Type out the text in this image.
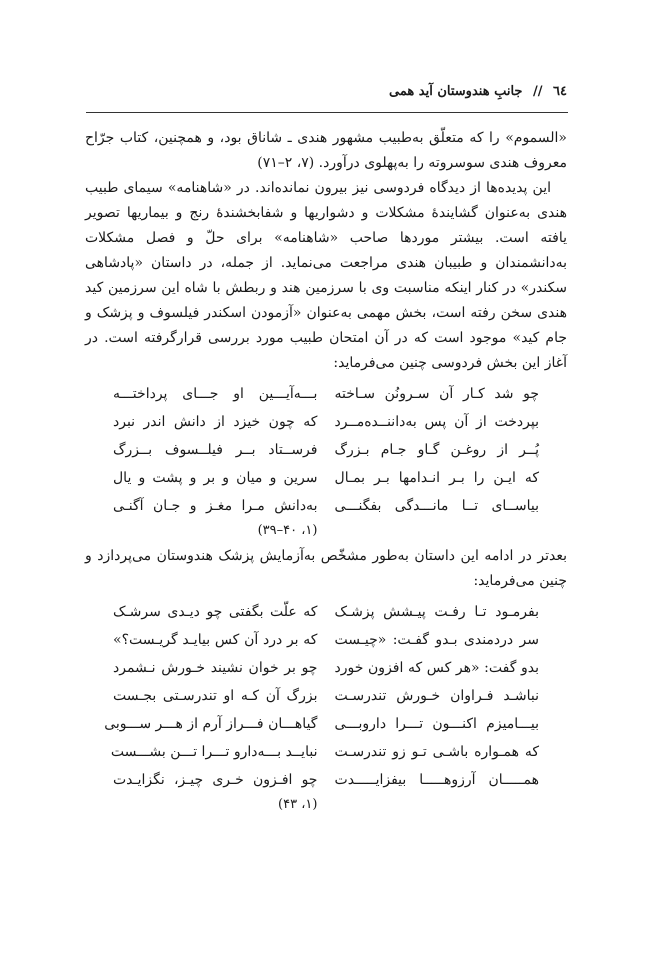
٦٤ // جانبِ هندوستان آید همی

«السموم» را که متعلّق به‌طبیب مشهور هندی ـ شاناق بود، و همچنین، کتاب جرّاح معروف هندی سوسروته را به‌پهلوی درآورد. (۷، ۲–۷۱)

این پدیده‌ها از دیدگاه فردوسی نیز بیرون نمانده‌اند. در «شاهنامه» سیمای طبیب هندی به‌عنوان گشایندهٔ مشکلات و دشواریها و شفابخشندهٔ رنج و بیماریها تصویر یافته است. بیشتر موردها صاحب «شاهنامه» برای حلّ و فصل مشکلات به‌دانشمندان و طبیبان هندی مراجعت می‌نماید. از جمله، در داستان «پادشاهی سکندر» در کنار اینکه مناسبت وی با سرزمین هند و ربطش با شاه این سرزمین کید هندی سخن رفته است، بخش مهمی به‌عنوان «آزمودن اسکندر فیلسوف و پزشک و جام کید» موجود است که در آن امتحان طبیب مورد بررسی قرارگرفته است. در آغاز این بخش فردوسی چنین می‌فرماید:

چو شد کـار آن سـرونُن سـاخته
بـــه‌آیـــین او جـــای پرداختـــه
بپردخت از آن پس به‌داننــده‌مــرد
که چون خیزد از دانش اندر نبرد
پُــر از روغـن گـاو جـام بـزرگ
فرســتاد بــر فیلــسوف بــزرگ
که ایـن را بـر انـدامها بـر بمـال
سرین و میان و بر و پشت و یال
بیاســای تــا مانـــدگی بفگنـــی
به‌دانش مـرا مغـز و جـان آگنـی
(۱، ۴۰–۳۹)

بعدتر در ادامه این داستان به‌طور مشخّص به‌آزمایش پزشک هندوستان می‌پردازد و چنین می‌فرماید:

بفرمـود تـا رفـت پیـشش پزشـک
که علّت بگفتی چو دیـدی سرشـک
سر دردمندی بـدو گفـت: «چیـست
که بر درد آن کس بیایـد گریـست؟»
بدو گفت: «هر کس که افزون خورد
چو بر خوان نشیند خـورش نـشمرد
نباشـد فـراوان خـورش تندرسـت
بزرگ آن کـه او تندرسـتی بجـست
بیـــامیزم اکنـــون تـــرا داروبـــی
گیاهـــان فـــراز آرم از هـــر ســـوبی
که همـواره باشـی تـو زو تندرسـت
نبایــد بـــه‌دارو تـــرا تـــن بشـــست
همـــــان آرزوهـــــا بیفزایـــــدت
چو افـزون خـری چیـز، نگزایـدت
(۱، ۴۳)
